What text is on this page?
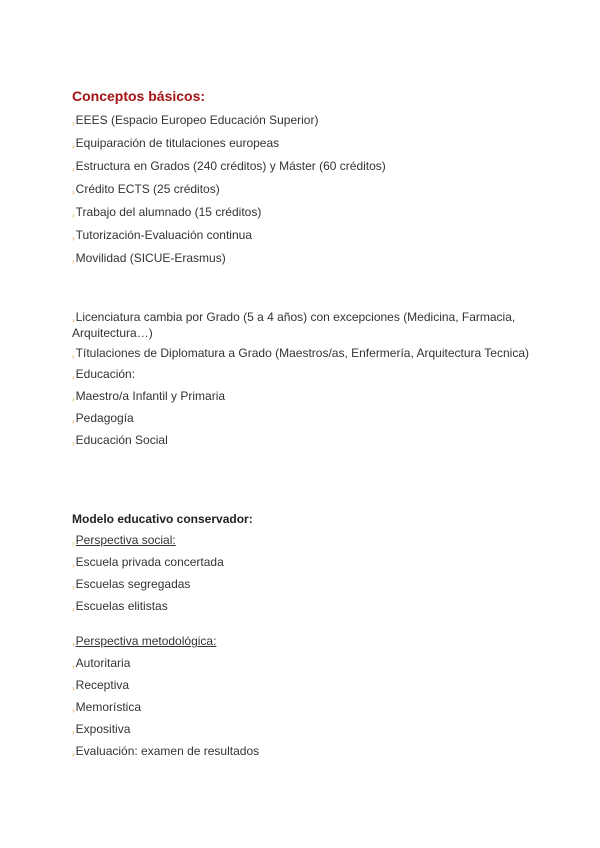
Conceptos básicos:
›EEES (Espacio Europeo Educación Superior)
›Equiparación de titulaciones europeas
›Estructura en Grados (240 créditos) y Máster (60 créditos)
›Crédito ECTS (25 créditos)
›Trabajo del alumnado (15 créditos)
›Tutorización-Evaluación continua
›Movilidad (SICUE-Erasmus)
›Licenciatura cambia por Grado (5 a 4 años) con excepciones (Medicina, Farmacia, Arquitectura…)
›Títulaciones de Diplomatura a Grado (Maestros/as, Enfermería, Arquitectura Tecnica)
›Educación:
›Maestro/a Infantil y Primaria
›Pedagogía
›Educación Social
Modelo educativo conservador:
›Perspectiva social:
›Escuela privada concertada
›Escuelas segregadas
›Escuelas elitistas
›Perspectiva metodológica:
›Autoritaria
›Receptiva
›Memorística
›Expositiva
›Evaluación: examen de resultados
